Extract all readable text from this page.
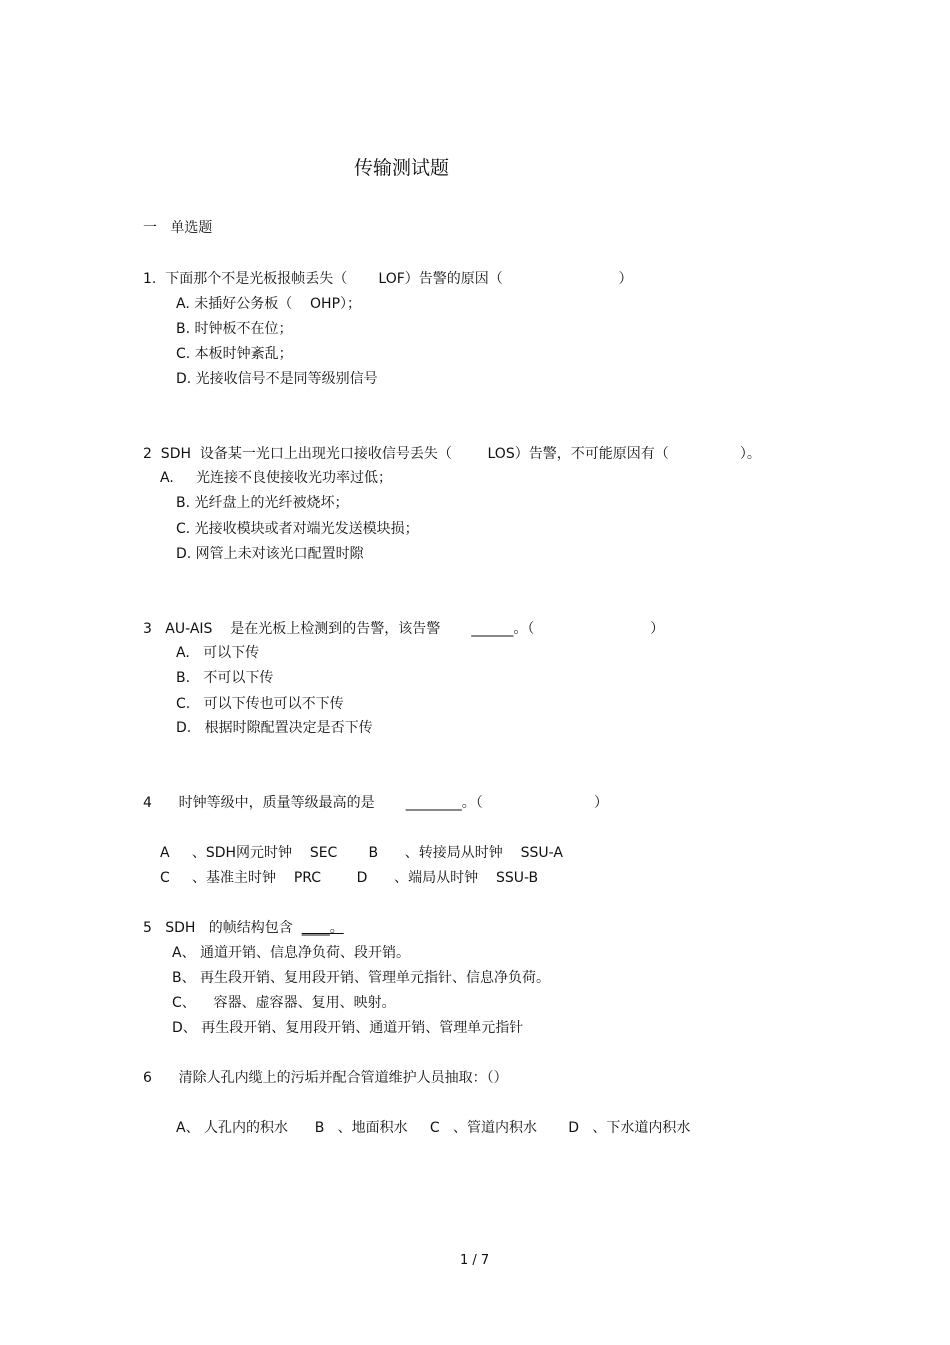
传输测试题
一   单选题
1.  下面那个不是光板报帧丢失（       LOF）告警的原因（                          ）
A. 未插好公务板（    OHP）；
B. 时钟板不在位；
C. 本板时钟紊乱；
D. 光接收信号不是同等级别信号
2  SDH  设备某一光口上出现光口接收信号丢失（        LOS）告警，不可能原因有（                ）。
A.     光连接不良使接收光功率过低；
B. 光纤盘上的光纤被烧坏；
C. 光接收模块或者对端光发送模块损；
D. 网管上未对该光口配置时隙
3   AU-AIS    是在光板上检测到的告警，该告警       ______。（                          ）
A.   可以下传
B.   不可以下传
C.   可以下传也可以不下传
D.   根据时隙配置决定是否下传
4      时钟等级中，质量等级最高的是       ________。（                         ）
A     、SDH网元时钟    SEC       B      、转接局从时钟    SSU-A
C     、基准主时钟    PRC        D      、端局从时钟    SSU-B
5   SDH   的帧结构包含  ____。
A、 通道开销、信息净负荷、段开销。
B、 再生段开销、复用段开销、管理单元指针、信息净负荷。
C、    容器、虚容器、复用、映射。
D、 再生段开销、复用段开销、通道开销、管理单元指针
6      清除人孔内缆上的污垢并配合管道维护人员抽取：（）
A、 人孔内的积水      B   、地面积水     C   、管道内积水       D   、下水道内积水
1 / 7
